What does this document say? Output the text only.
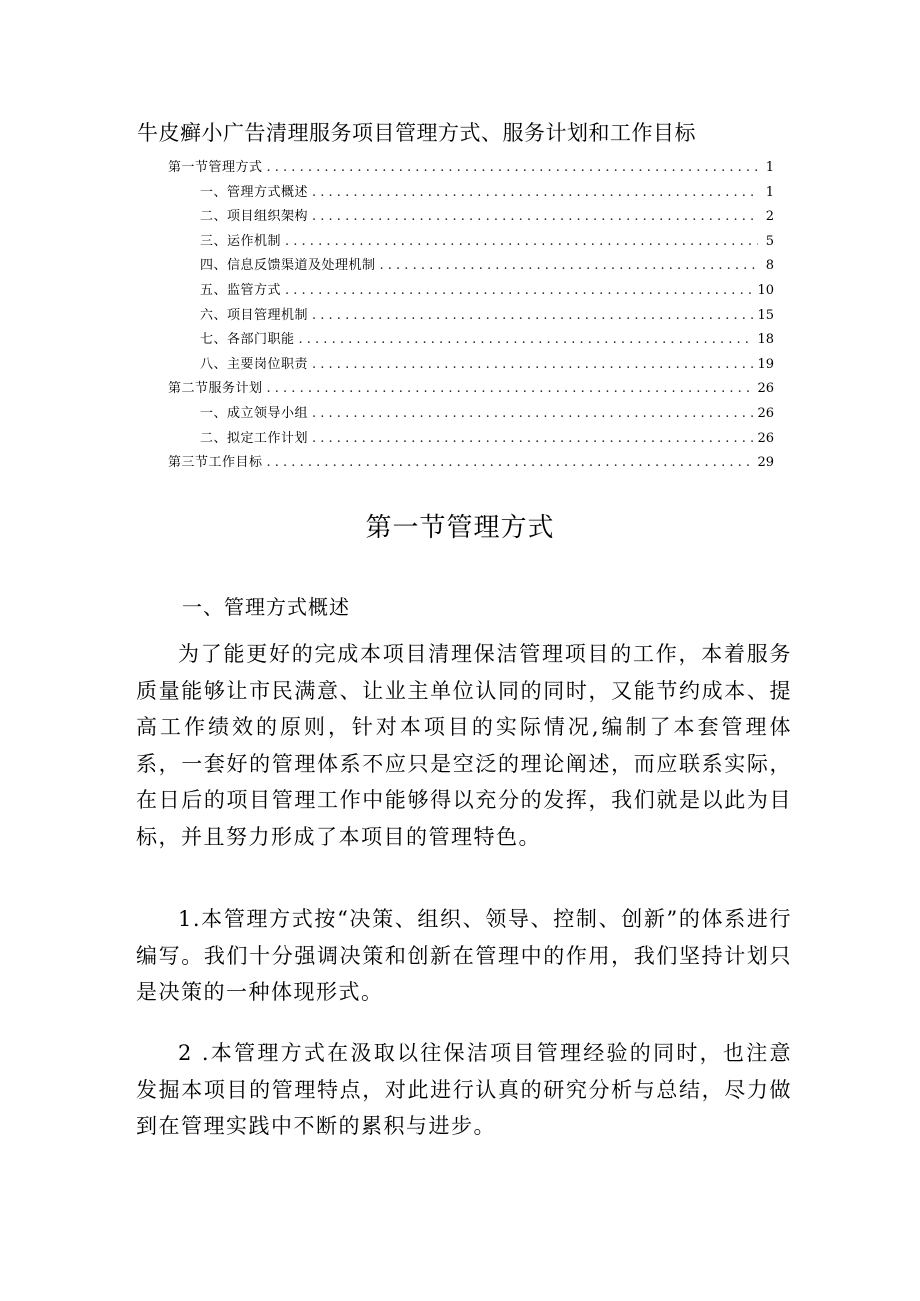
牛皮癣小广告清理服务项目管理方式、服务计划和工作目标
第一节管理方式 . . .	1
一、管理方式概述 . . .	1
二、项目组织架构 . . .	2
三、运作机制 . . .	5
四、信息反馈渠道及处理机制 . . .	8
五、监管方式 . . .	10
六、项目管理机制 . . .	15
七、各部门职能 . . .	18
八、主要岗位职责 . . .	19
第二节服务计划 . . .	26
一、成立领导小组 . . .	26
二、拟定工作计划 . . .	26
第三节工作目标 . . .	29
第一节管理方式
一、管理方式概述

为了能更好的完成本项目清理保洁管理项目的工作，本着服务质量能够让市民满意、让业主单位认同的同时，又能节约成本、提高工作绩效的原则，针对本项目的实际情况,编制了本套管理体系，一套好的管理体系不应只是空泛的理论阐述，而应联系实际，在日后的项目管理工作中能够得以充分的发挥，我们就是以此为目标，并且努力形成了本项目的管理特色。

1.本管理方式按“决策、组织、领导、控制、创新”的体系进行编写。我们十分强调决策和创新在管理中的作用，我们坚持计划只是决策的一种体现形式。

2 .本管理方式在汲取以往保洁项目管理经验的同时，也注意发掘本项目的管理特点，对此进行认真的研究分析与总结，尽力做到在管理实践中不断的累积与进步。
